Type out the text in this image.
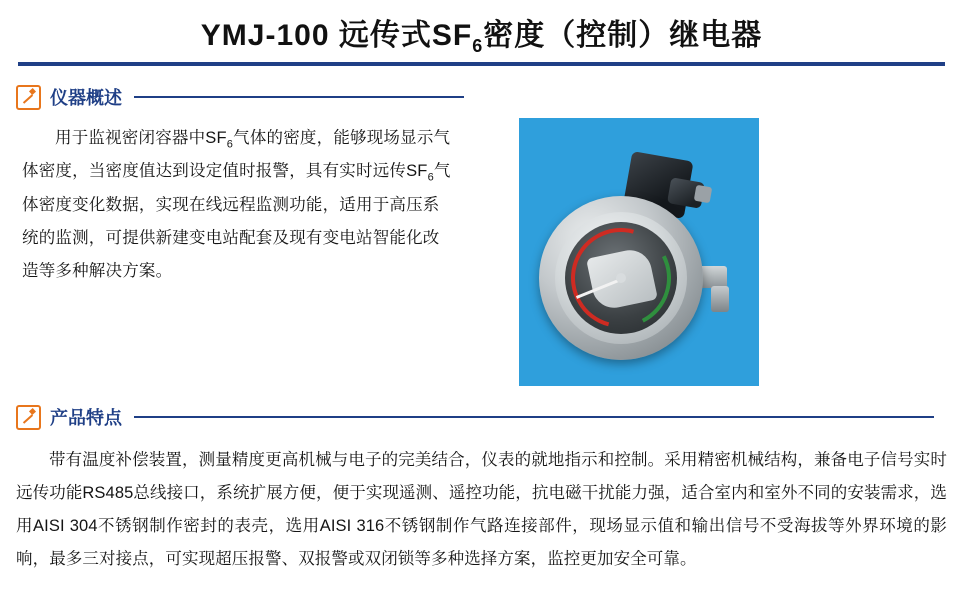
YMJ-100 远传式$SF_6$密度（控制）继电器
仪器概述

用于监视密闭容器中$SF_6$气体的密度，能够现场显示气体密度，当密度值达到设定值时报警，具有实时远传$SF_6$气体密度变化数据，实现在线远程监测功能，适用于高压系统的监测，可提供新建变电站配套及现有变电站智能化改造等多种解决方案。

产品特点

带有温度补偿装置，测量精度更高机械与电子的完美结合，仪表的就地指示和控制。采用精密机械结构，兼备电子信号实时远传功能RS485总线接口，系统扩展方便，便于实现遥测、遥控功能，抗电磁干扰能力强，适合室内和室外不同的安装需求，选用AISI 304不锈钢制作密封的表壳，选用AISI 316不锈钢制作气路连接部件，现场显示值和输出信号不受海拔等外界环境的影响，最多三对接点，可实现超压报警、双报警或双闭锁等多种选择方案，监控更加安全可靠。
